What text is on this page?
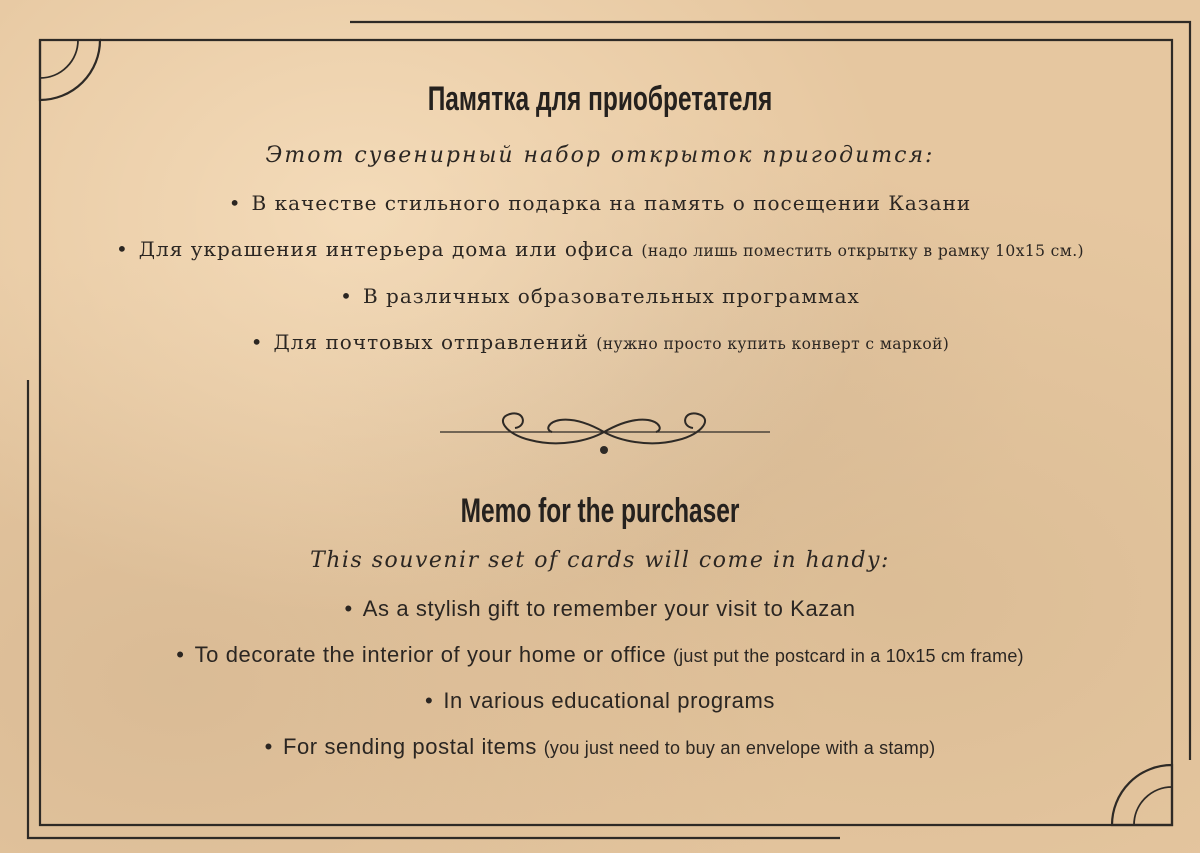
Памятка для приобретателя
Этот сувенирный набор открыток пригодится:
• В качестве стильного подарка на память о посещении Казани
• Для украшения интерьера дома или офиса (надо лишь поместить открытку в рамку 10x15 см.)
• В различных образовательных программах
• Для почтовых отправлений (нужно просто купить конверт с маркой)
Memo for the purchaser
This souvenir set of cards will come in handy:
• As a stylish gift to remember your visit to Kazan
• To decorate the interior of your home or office (just put the postcard in a 10x15 cm frame)
• In various educational programs
• For sending postal items (you just need to buy an envelope with a stamp)
